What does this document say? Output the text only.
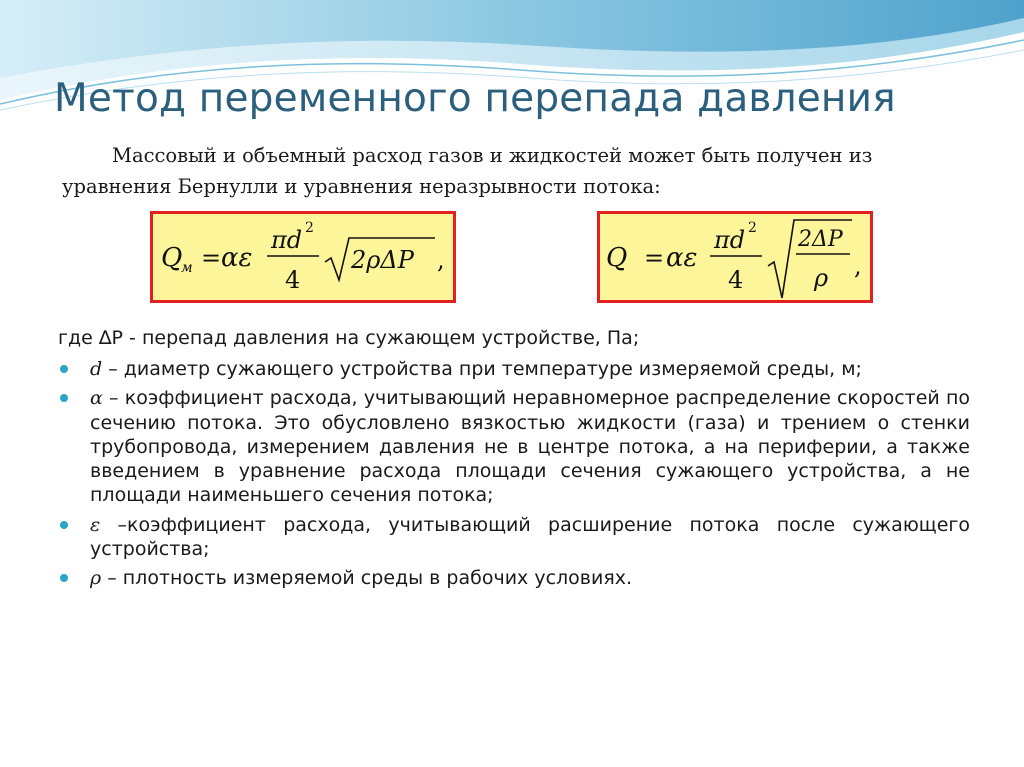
Метод переменного перепада давления
Массовый и объемный расход газов и жидкостей может быть получен из уравнения Бернулли и уравнения неразрывности потока:
Q
м = αε
πd 2
4
2ρΔP ,	Q = αε
πd 2
4
2ΔP
ρ ,
где ∆P - перепад давления на сужающем устройстве, Па;
d – диаметр сужающего устройства при температуре измеряемой среды, м;
α – коэффициент расхода, учитывающий неравномерное распределение скоростей по сечению потока. Это обусловлено вязкостью жидкости (газа) и трением о стенки трубопровода, измерением давления не в центре потока, а на периферии, а также введением в уравнение расхода площади сечения сужающего устройства, а не площади наименьшего сечения потока;
ε –коэффициент расхода, учитывающий расширение потока после сужающего устройства;
ρ – плотность измеряемой среды в рабочих условиях.
